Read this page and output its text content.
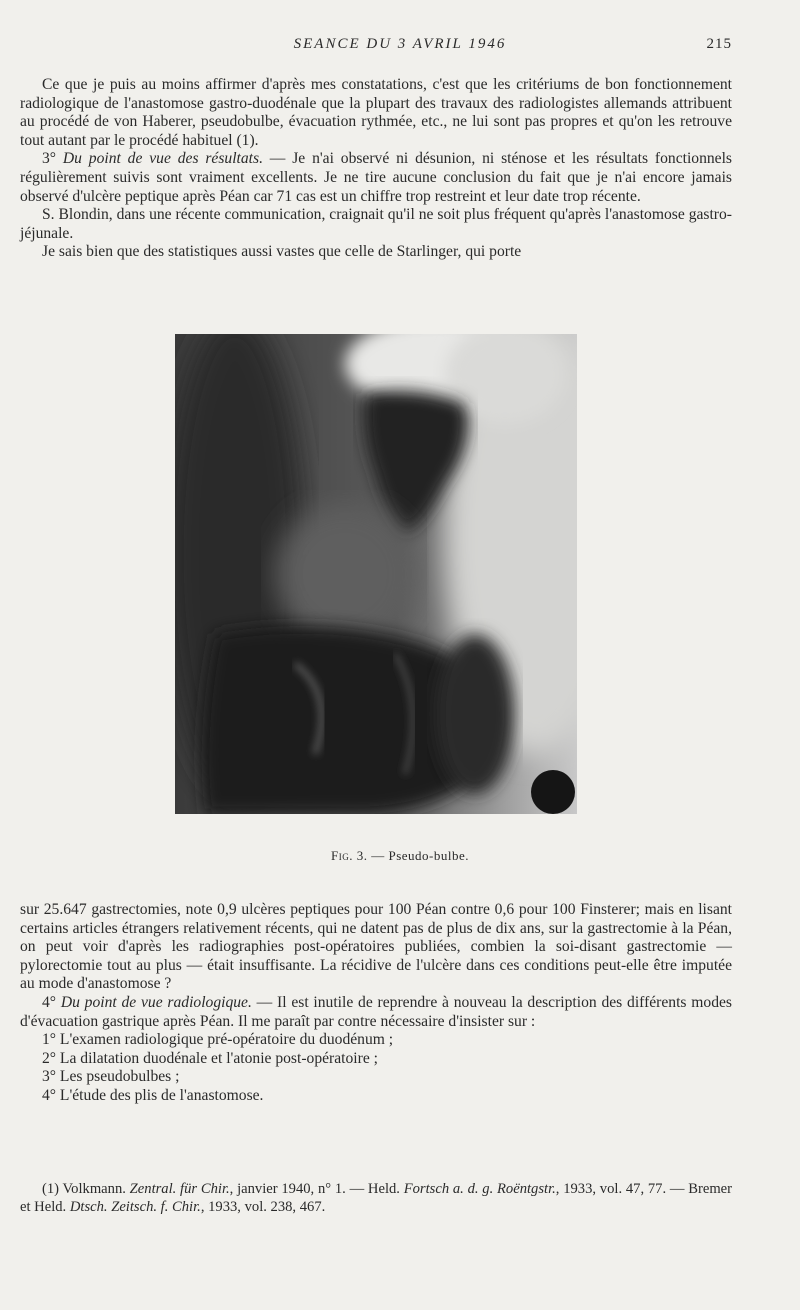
SEANCE DU 3 AVRIL 1946	215

Ce que je puis au moins affirmer d'après mes constatations, c'est que les critériums de bon fonctionnement radiologique de l'anastomose gastro-duodénale que la plupart des travaux des radiologistes allemands attribuent au procédé de von Haberer, pseudobulbe, évacuation rythmée, etc., ne lui sont pas propres et qu'on les retrouve tout autant par le procédé habituel (1).

3° Du point de vue des résultats. — Je n'ai observé ni désunion, ni sténose et les résultats fonctionnels régulièrement suivis sont vraiment excellents. Je ne tire aucune conclusion du fait que je n'ai encore jamais observé d'ulcère peptique après Péan car 71 cas est un chiffre trop restreint et leur date trop récente.

S. Blondin, dans une récente communication, craignait qu'il ne soit plus fréquent qu'après l'anastomose gastro-jéjunale.

Je sais bien que des statistiques aussi vastes que celle de Starlinger, qui porte

Fig. 3. — Pseudo-bulbe.

sur 25.647 gastrectomies, note 0,9 ulcères peptiques pour 100 Péan contre 0,6 pour 100 Finsterer; mais en lisant certains articles étrangers relativement récents, qui ne datent pas de plus de dix ans, sur la gastrectomie à la Péan, on peut voir d'après les radiographies post-opératoires publiées, combien la soi-disant gastrectomie — pylorectomie tout au plus — était insuffisante. La récidive de l'ulcère dans ces conditions peut-elle être imputée au mode d'anastomose ?

4° Du point de vue radiologique. — Il est inutile de reprendre à nouveau la description des différents modes d'évacuation gastrique après Péan. Il me paraît par contre nécessaire d'insister sur :

1° L'examen radiologique pré-opératoire du duodénum ;

2° La dilatation duodénale et l'atonie post-opératoire ;

3° Les pseudobulbes ;

4° L'étude des plis de l'anastomose.

(1) Volkmann. Zentral. für Chir., janvier 1940, n° 1. — Held. Fortsch a. d. g. Roëntgstr., 1933, vol. 47, 77. — Bremer et Held. Dtsch. Zeitsch. f. Chir., 1933, vol. 238, 467.
